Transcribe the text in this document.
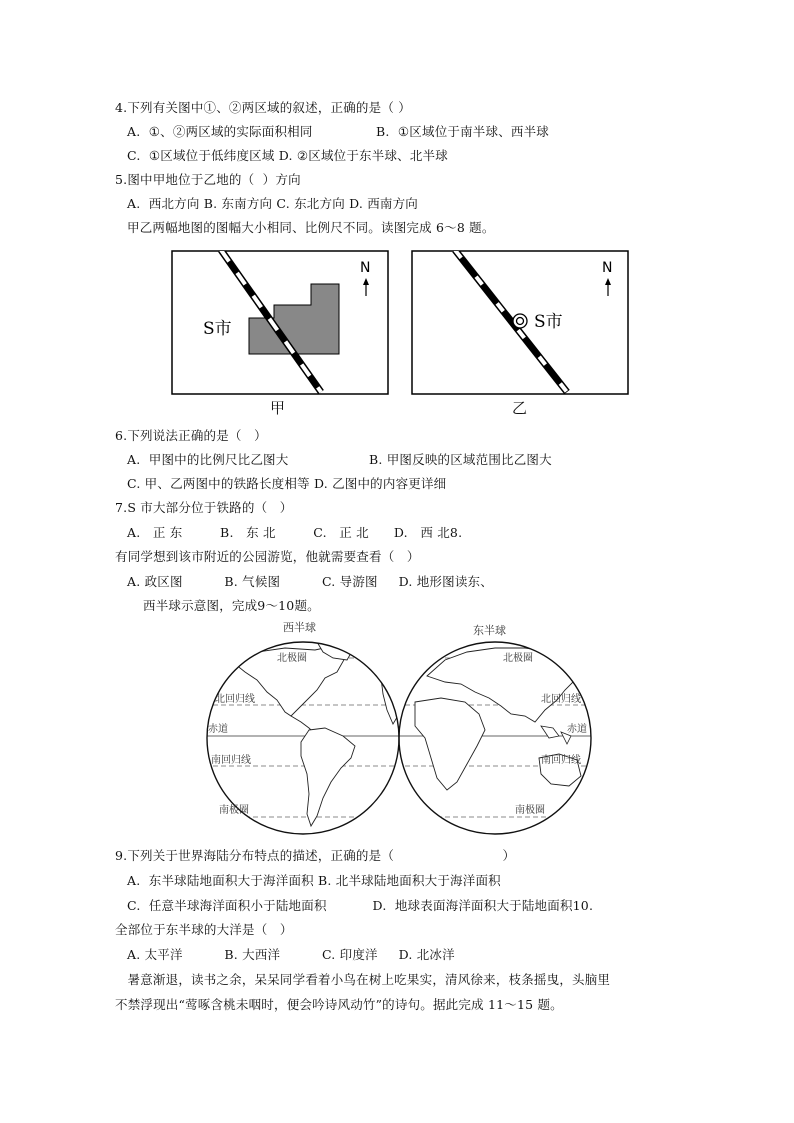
4.下列有关图中①、②两区域的叙述，正确的是（ ）
A.  ①、②两区域的实际面积相同	B.  ①区域位于南半球、西半球
C.  ①区域位于低纬度区域 D. ②区域位于东半球、北半球
5.图中甲地位于乙地的（  ）方向
A.  西北方向 B. 东南方向 C. 东北方向 D. 西南方向
甲乙两幅地图的图幅大小相同、比例尺不同。读图完成 6～8 题。
S市
N
甲
S市
N
乙
6.下列说法正确的是（   ）
A.  甲图中的比例尺比乙图大	B. 甲图反映的区域范围比乙图大
C. 甲、乙两图中的铁路长度相等 D. 乙图中的内容更详细
7.S 市大部分位于铁路的（   ）
A.   正 东         B.   东 北         C.   正 北      D.   西 北8.
有同学想到该市附近的公园游览，他就需要查看（   ）
A. 政区图          B. 气候图          C. 导游图     D. 地形图读东、
西半球示意图，完成9～10题。
西半球	东半球
北极圈	北极圈
北回归线	北回归线
赤道	赤道
南回归线	南回归线
南极圈	南极圈
9.下列关于世界海陆分布特点的描述，正确的是（                          ）
A.  东半球陆地面积大于海洋面积 B. 北半球陆地面积大于海洋面积
C.  任意半球海洋面积小于陆地面积           D.  地球表面海洋面积大于陆地面积10.
全部位于东半球的大洋是（   ）
A. 太平洋          B. 大西洋          C. 印度洋     D. 北冰洋
暑意渐退，读书之余，呆呆同学看着小鸟在树上吃果实，清风徐来，枝条摇曳，头脑里
不禁浮现出“莺啄含桃未咽时，便会吟诗风动竹”的诗句。据此完成 11～15 题。
